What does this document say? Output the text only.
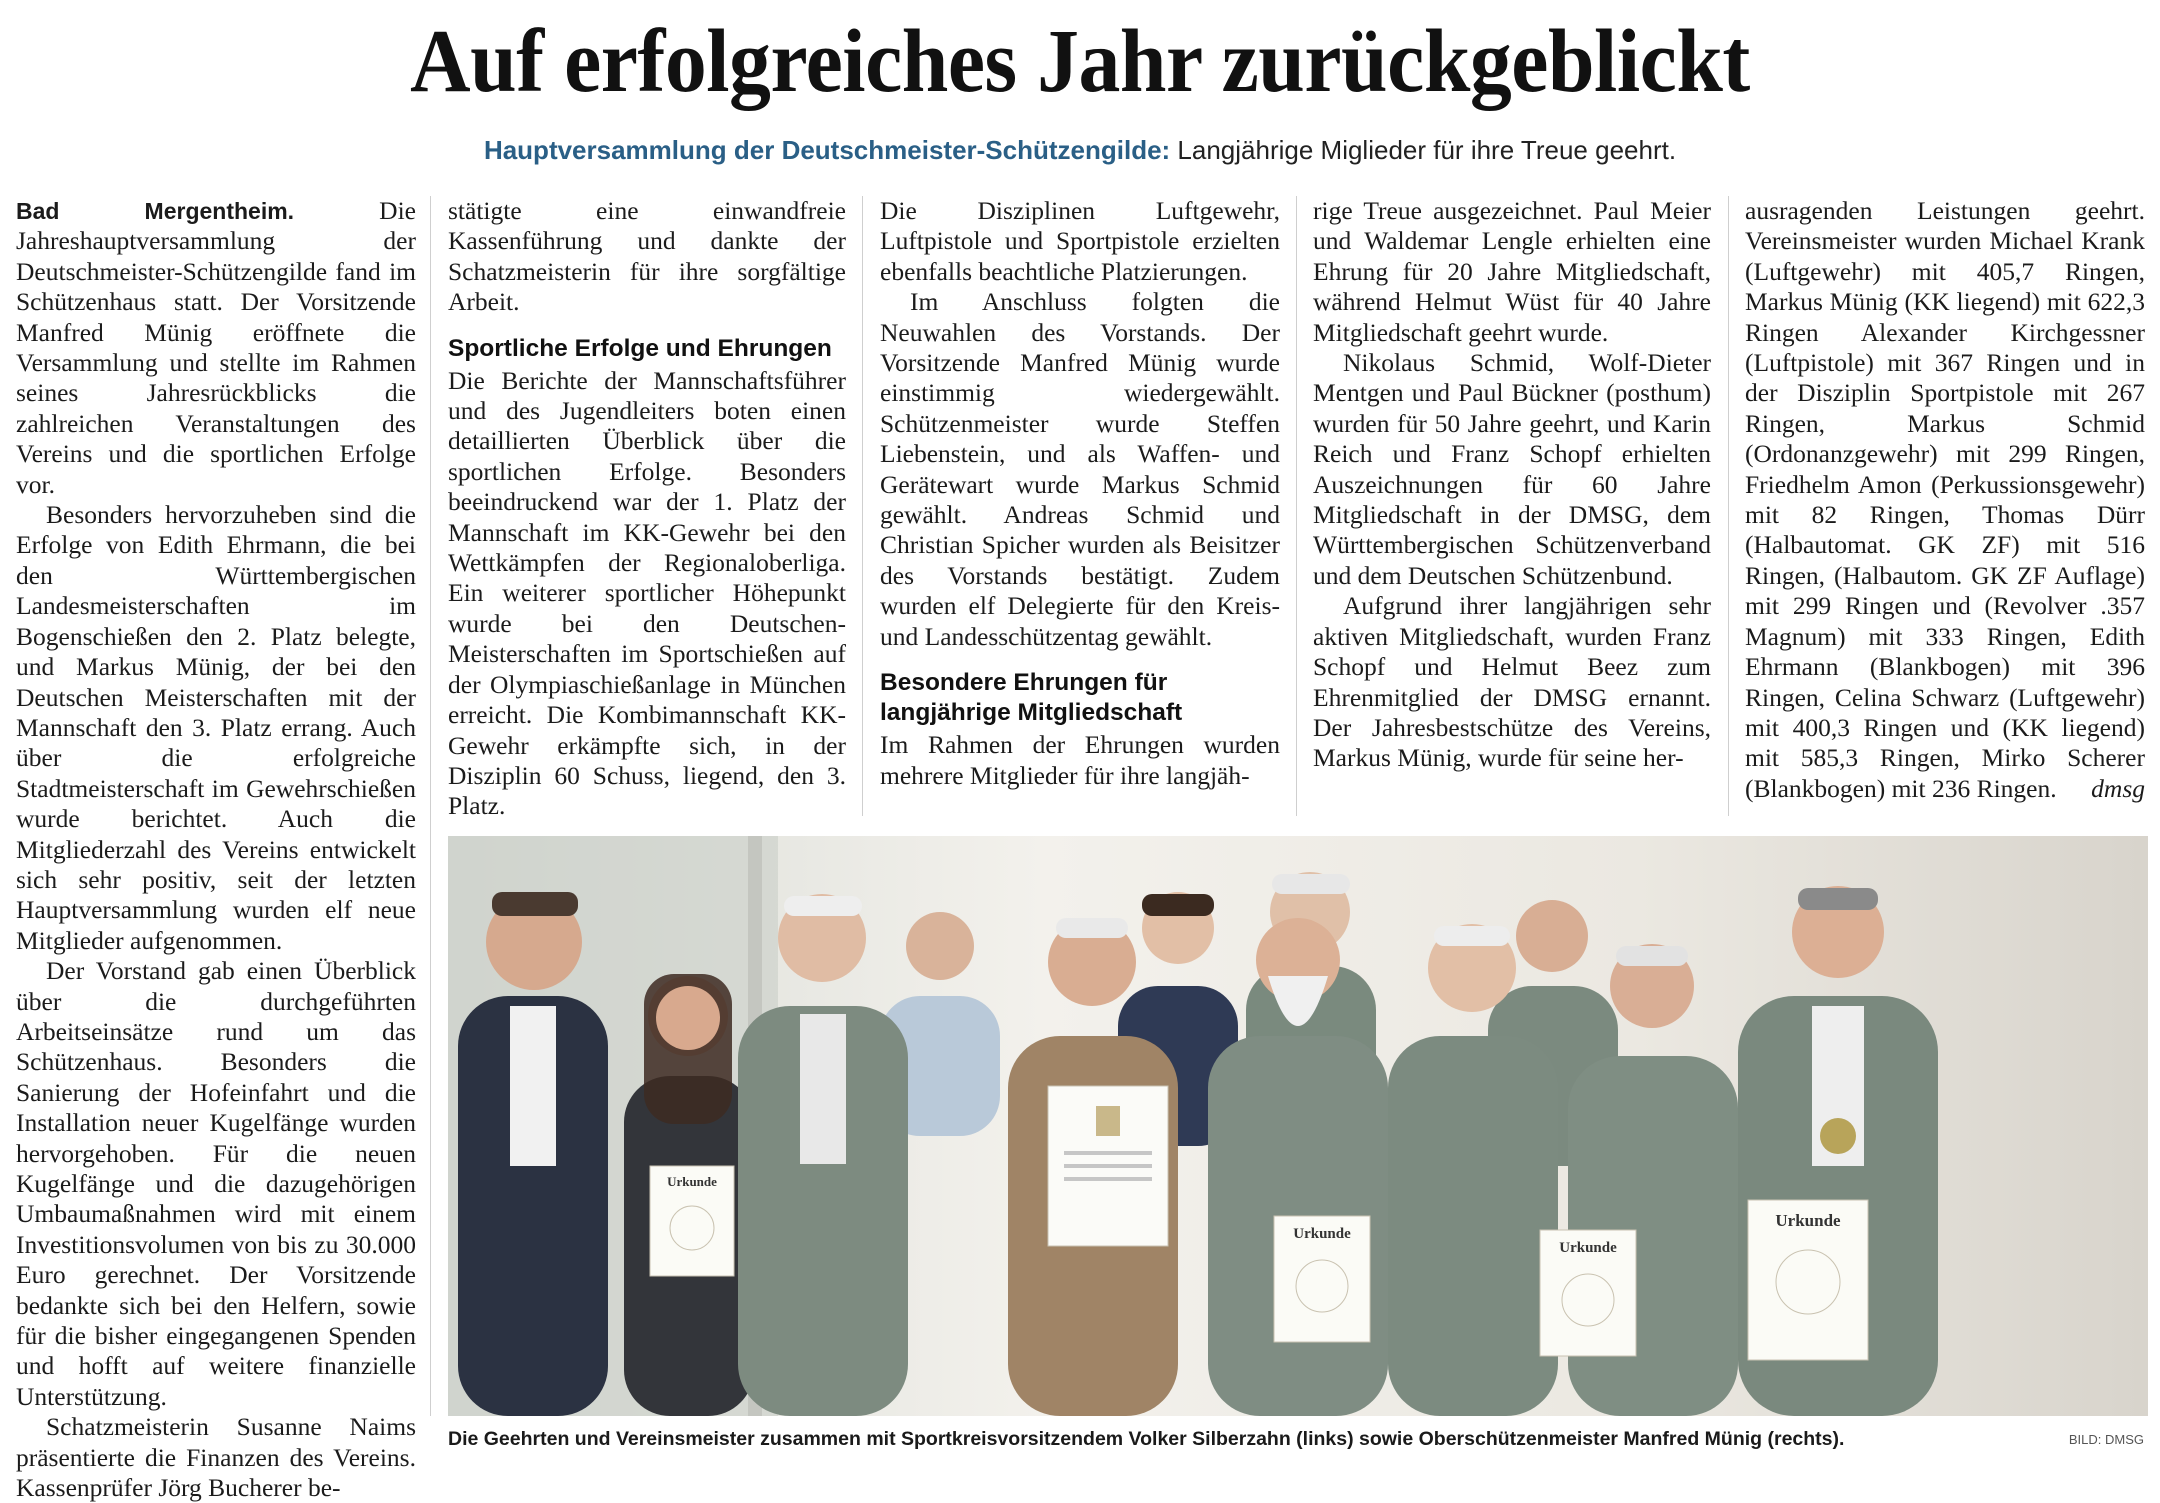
Auf erfolgreiches Jahr zurückgeblickt
Hauptversammlung der Deutschmeister-Schützengilde: Langjährige Miglieder für ihre Treue geehrt.

Bad Mergentheim. Die Jahreshauptversammlung der Deutschmeister-Schützengilde fand im Schützenhaus statt. Der Vorsitzende Manfred Münig eröffnete die Versammlung und stellte im Rahmen seines Jahresrückblicks die zahlreichen Veranstaltungen des Vereins und die sportlichen Erfolge vor.

Besonders hervorzuheben sind die Erfolge von Edith Ehrmann, die bei den Württembergischen Landesmeisterschaften im Bogenschießen den 2. Platz belegte, und Markus Münig, der bei den Deutschen Meisterschaften mit der Mannschaft den 3. Platz errang. Auch über die erfolgreiche Stadtmeisterschaft im Gewehrschießen wurde berichtet. Auch die Mitgliederzahl des Vereins entwickelt sich sehr positiv, seit der letzten Hauptversammlung wurden elf neue Mitglieder aufgenommen.

Der Vorstand gab einen Überblick über die durchgeführten Arbeitseinsätze rund um das Schützenhaus. Besonders die Sanierung der Hofeinfahrt und die Installation neuer Kugelfänge wurden hervorgehoben. Für die neuen Kugelfänge und die dazugehörigen Umbaumaßnahmen wird mit einem Investitionsvolumen von bis zu 30.000 Euro gerechnet. Der Vorsitzende bedankte sich bei den Helfern, sowie für die bisher eingegangenen Spenden und hofft auf weitere finanzielle Unterstützung.

Schatzmeisterin Susanne Naims präsentierte die Finanzen des Vereins. Kassenprüfer Jörg Bucherer be-

stätigte eine einwandfreie Kassenführung und dankte der Schatzmeisterin für ihre sorgfältige Arbeit.

Sportliche Erfolge und Ehrungen

Die Berichte der Mannschaftsführer und des Jugendleiters boten einen detaillierten Überblick über die sportlichen Erfolge. Besonders beeindruckend war der 1. Platz der Mannschaft im KK-Gewehr bei den Wettkämpfen der Regionaloberliga. Ein weiterer sportlicher Höhepunkt wurde bei den Deutschen-Meisterschaften im Sportschießen auf der Olympiaschießanlage in München erreicht. Die Kombimannschaft KK-Gewehr erkämpfte sich, in der Disziplin 60 Schuss, liegend, den 3. Platz.

Die Disziplinen Luftgewehr, Luftpistole und Sportpistole erzielten ebenfalls beachtliche Platzierungen.

Im Anschluss folgten die Neuwahlen des Vorstands. Der Vorsitzende Manfred Münig wurde einstimmig wiedergewählt. Schützenmeister wurde Steffen Liebenstein, und als Waffen- und Gerätewart wurde Markus Schmid gewählt. Andreas Schmid und Christian Spicher wurden als Beisitzer des Vorstands bestätigt. Zudem wurden elf Delegierte für den Kreis- und Landesschützentag gewählt.

Besondere Ehrungen für langjährige Mitgliedschaft

Im Rahmen der Ehrungen wurden mehrere Mitglieder für ihre langjäh-

rige Treue ausgezeichnet. Paul Meier und Waldemar Lengle erhielten eine Ehrung für 20 Jahre Mitgliedschaft, während Helmut Wüst für 40 Jahre Mitgliedschaft geehrt wurde.

Nikolaus Schmid, Wolf-Dieter Mentgen und Paul Bückner (posthum) wurden für 50 Jahre geehrt, und Karin Reich und Franz Schopf erhielten Auszeichnungen für 60 Jahre Mitgliedschaft in der DMSG, dem Württembergischen Schützenverband und dem Deutschen Schützenbund.

Aufgrund ihrer langjährigen sehr aktiven Mitgliedschaft, wurden Franz Schopf und Helmut Beez zum Ehrenmitglied der DMSG ernannt. Der Jahresbestschütze des Vereins, Markus Münig, wurde für seine her-

ausragenden Leistungen geehrt. Vereinsmeister wurden Michael Krank (Luftgewehr) mit 405,7 Ringen, Markus Münig (KK liegend) mit 622,3 Ringen Alexander Kirchgessner (Luftpistole) mit 367 Ringen und in der Disziplin Sportpistole mit 267 Ringen, Markus Schmid (Ordonanzgewehr) mit 299 Ringen, Friedhelm Amon (Perkussionsgewehr) mit 82 Ringen, Thomas Dürr (Halbautomat. GK ZF) mit 516 Ringen, (Halbautom. GK ZF Auflage) mit 299 Ringen und (Revolver .357 Magnum) mit 333 Ringen, Edith Ehrmann (Blankbogen) mit 396 Ringen, Celina Schwarz (Luftgewehr) mit 400,3 Ringen und (KK liegend) mit 585,3 Ringen, Mirko Scherer (Blankbogen) mit 236 Ringen. dmsg

Urkunde
Urkunde
Urkunde
Urkunde
Die Geehrten und Vereinsmeister zusammen mit Sportkreisvorsitzendem Volker Silberzahn (links) sowie Oberschützenmeister Manfred Münig (rechts).	BILD: DMSG
